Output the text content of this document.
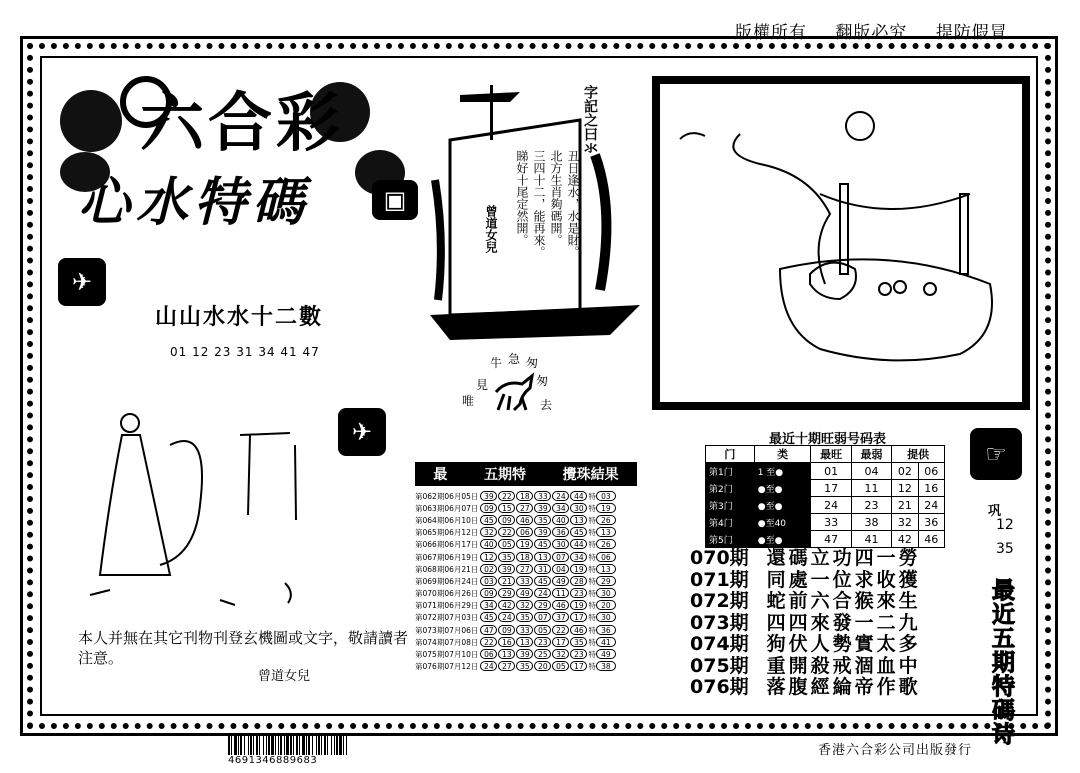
版權所有 翻版必究 提防假冒
六合彩
心水特碼	▣
✈
✈
☞
山山水水十二數
01 12 23 31 34 41 47
字記之曰氺
丑日逢水，水是財。
北方生肖夠碼開。
三四十二，能再來。
睇好十尾定然開。
曾道女兒
牛 急 匆
匆
見
唯	去
本人并無在其它刊物刊登玄機圖或文字，敬請讀者注意。
曾道女兒
最	五期特	攪珠結果
第062期06月05日 39 22 18 33 24 44 特 03
第063期06月07日 09 15 27 39 34 30 特 19
第064期06月10日 45 09 46 35 40 13 特 26
第065期06月12日 32 22 06 39 36 45 特 13
第066期06月17日 40 05 19 45 30 44 特 26
第067期06月19日 12 35 18 13 07 34 特 06
第068期06月21日 02 39 27 31 04 19 特 13
第069期06月24日 03 21 33 45 49 28 特 29
第070期06月26日 09 29 49 24 11 23 特 30
第071期06月29日 34 42 32 29 46 19 特 20
第072期07月03日 45 24 35 07 37 17 特 30
第073期07月06日 47 09 33 05 22 46 特 36
第074期07月08日 22 16 13 23 17 35 特 41
第075期07月10日 06 13 39 25 32 23 特 49
第076期07月12日 24 27 35 20 05 17 特 38
最近十期旺弱号码表
门	类	最旺	最弱	提供	
第1门	1 至●	01	04	02	06
第2门	●至●	17	11	12	16
第3门	●至●	24	23	21	24
第4门	●至40	33	38	32	36
第5门	●至●	47	41	42	46
巩
12
35
070期 還碼立功四一勞
071期 同處一位求收獲
072期 蛇前六合猴來生
073期 四四來發一二九
074期 狗伏人勢實太多
075期 重開殺戒涸血中
076期 落腹經綸帝作歌	最近五期特碼诗
4691346889683
香港六合彩公司出版發行
